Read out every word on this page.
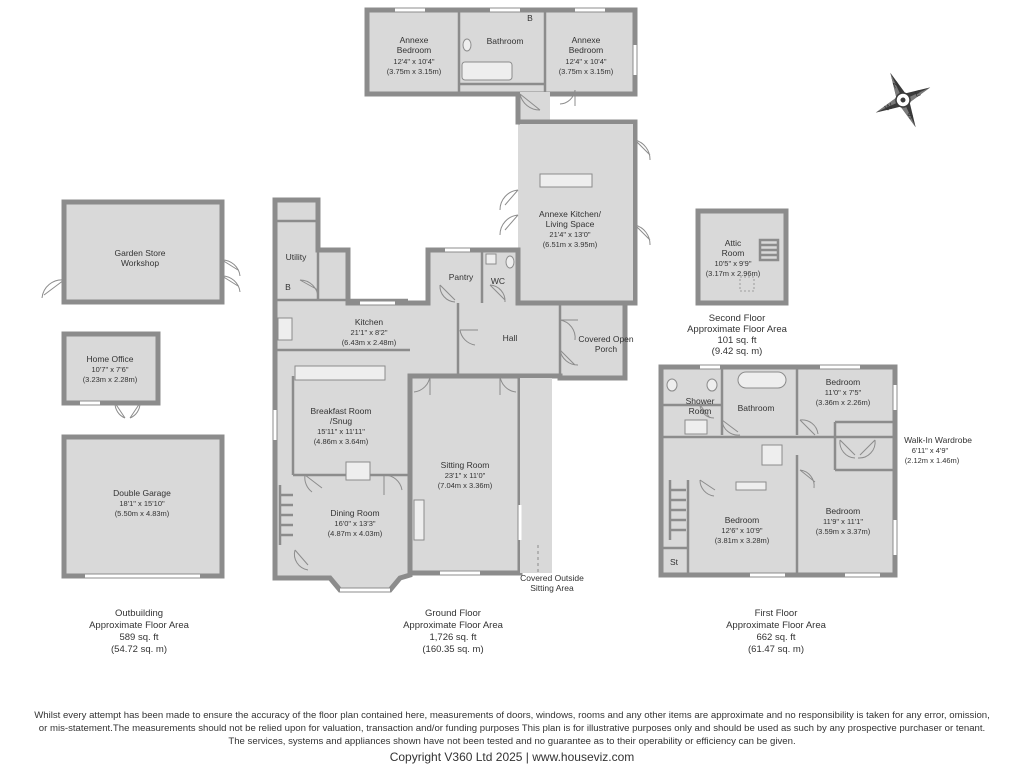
N
E
S
W
Annexe
Bedroom
12'4" x 10'4"
(3.75m x 3.15m)
Bathroom
B
Annexe
Bedroom
12'4" x 10'4"
(3.75m x 3.15m)
Annexe Kitchen/
Living Space
21'4" x 13'0"
(6.51m x 3.95m)
Garden Store
Workshop
Home Office
10'7" x 7'6"
(3.23m x 2.28m)
Double Garage
18'1" x 15'10"
(5.50m x 4.83m)
Utility
B
Pantry WC
Kitchen
21'1" x 8'2"
(6.43m x 2.48m)	Hall	Covered Open
Porch
Breakfast Room
/Snug
15'11" x 11'11"
(4.86m x 3.64m)
Sitting Room
23'1" x 11'0"
(7.04m x 3.36m)
Dining Room
16'0" x 13'3"
(4.87m x 4.03m)
Covered Outside
Sitting Area
Attic
Room
10'5" x 9'9"
(3.17m x 2.96m)
Shower
Room	Bathroom
Bedroom
11'0" x 7'5"
(3.36m x 2.26m)
Walk-In Wardrobe
6'11" x 4'9"
(2.12m x 1.46m)
Bedroom
12'6" x 10'9"
(3.81m x 3.28m)
Bedroom
11'9" x 11'1"
(3.59m x 3.37m)
St
Second Floor
Approximate Floor Area
101 sq. ft
(9.42 sq. m)
Outbuilding
Approximate Floor Area
589 sq. ft
(54.72 sq. m)
Ground Floor
Approximate Floor Area
1,726 sq. ft
(160.35 sq. m)
First Floor
Approximate Floor Area
662 sq. ft
(61.47 sq. m)

Whilst every attempt has been made to ensure the accuracy of the floor plan contained here, measurements of doors, windows, rooms and any other items are approximate and no responsibility is taken for any error, omission,

or mis-statement.The measurements should not be relied upon for valuation, transaction and/or funding purposes This plan is for illustrative purposes only and should be used as such by any prospective purchaser or tenant.

The services, systems and appliances shown have not been tested and no guarantee as to their operability or efficiency can be given.

Copyright V360 Ltd 2025 | www.houseviz.com
